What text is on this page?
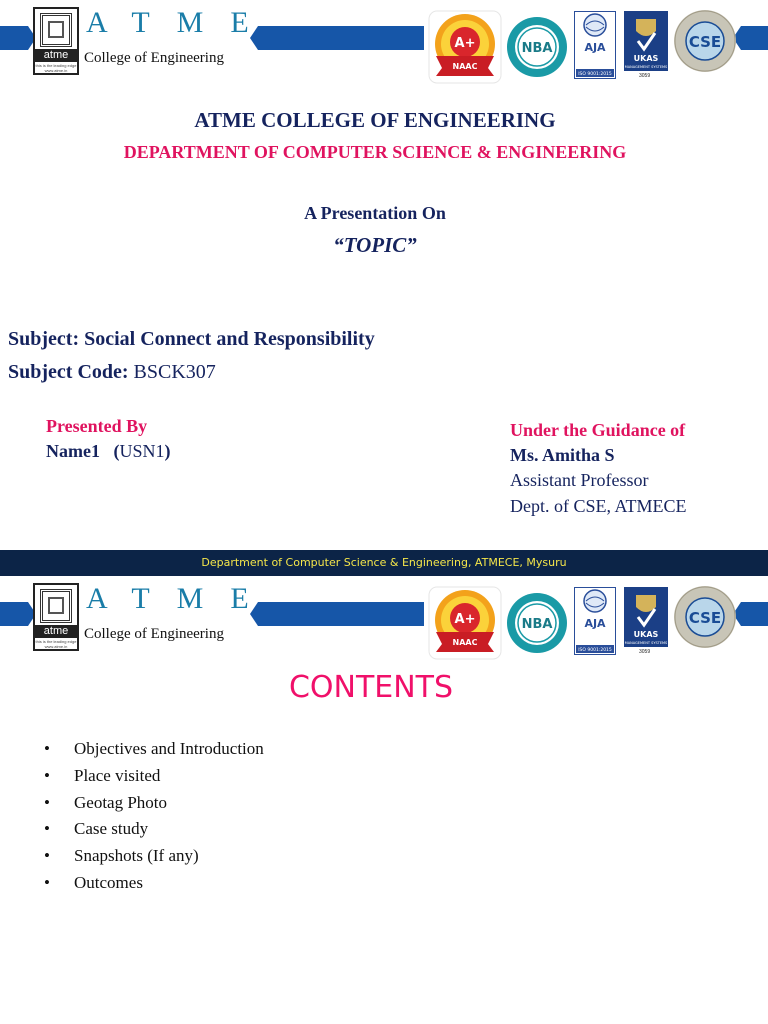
atme
this is the leading edge www.atme.in
ATME
College of Engineering
A+
NAAC
NBA	AJA
ISO 9001:2015
UKAS
MANAGEMENT SYSTEMS
3059
CSE
ATME COLLEGE OF ENGINEERING
DEPARTMENT OF COMPUTER SCIENCE & ENGINEERING
A Presentation On
“TOPIC”
Subject: Social Connect and Responsibility
Subject Code: BSCK307
Presented By
Name1 (USN1)
Under the Guidance of
Ms. Amitha S
Assistant Professor
Dept. of CSE, ATMECE
Department of Computer Science & Engineering, ATMECE, Mysuru
atme
this is the leading edge www.atme.in
ATME
College of Engineering
A+
NAAC
NBA	AJA
ISO 9001:2015
UKAS
MANAGEMENT SYSTEMS
3059
CSE
CONTENTS
• Objectives and Introduction
• Place visited
• Geotag Photo
• Case study
• Snapshots (If any)
• Outcomes
